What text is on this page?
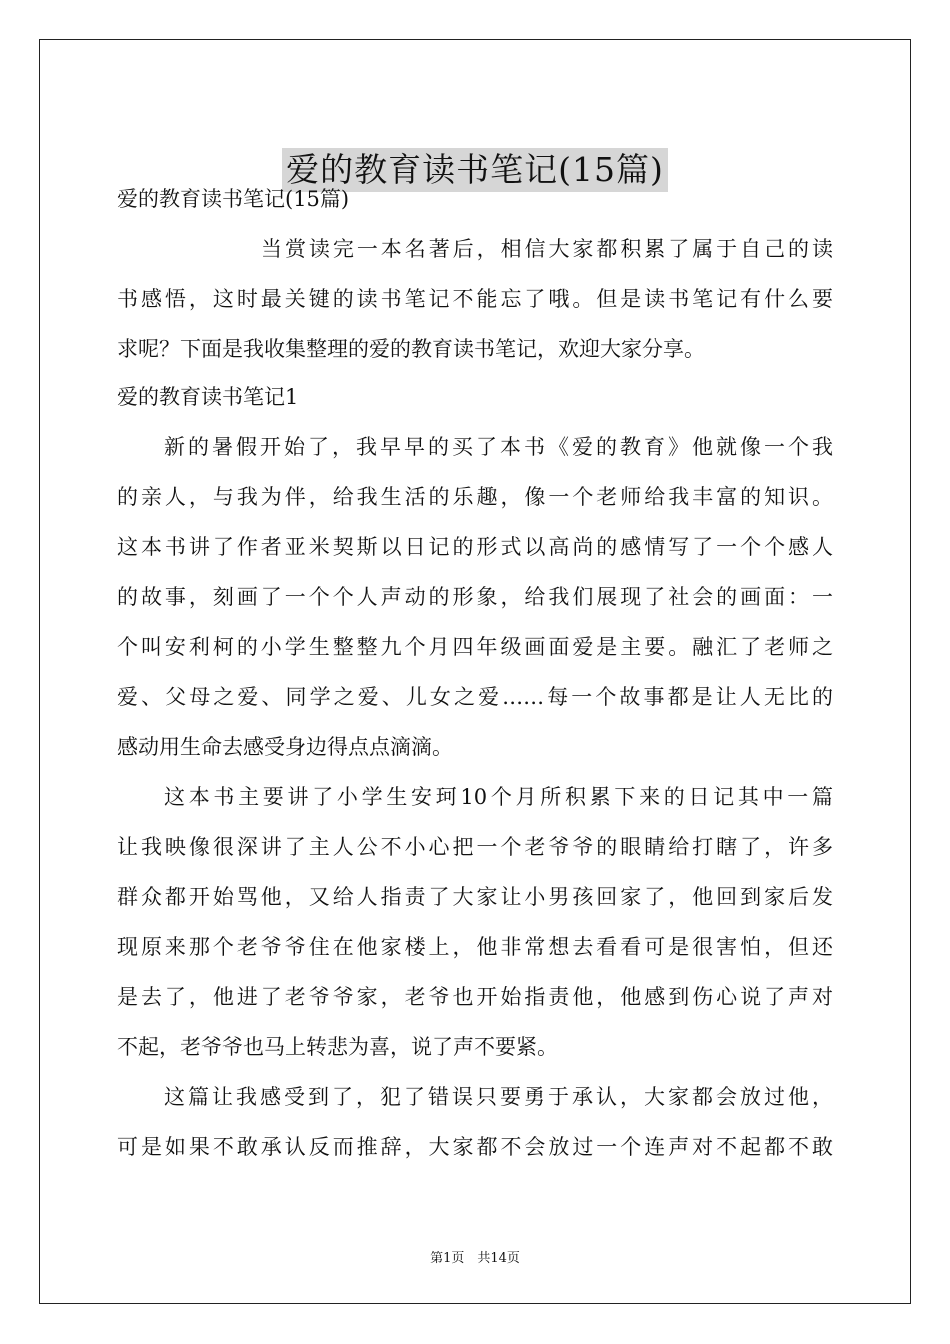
爱的教育读书笔记(15篇)

爱的教育读书笔记(15篇)

当赏读完一本名著后，相信大家都积累了属于自己的读

书感悟，这时最关键的读书笔记不能忘了哦。但是读书笔记有什么要

求呢？下面是我收集整理的爱的教育读书笔记，欢迎大家分享。

爱的教育读书笔记1

新的暑假开始了，我早早的买了本书《爱的教育》他就像一个我

的亲人，与我为伴，给我生活的乐趣，像一个老师给我丰富的知识。

这本书讲了作者亚米契斯以日记的形式以高尚的感情写了一个个感人

的故事，刻画了一个个人声动的形象，给我们展现了社会的画面：一

个叫安利柯的小学生整整九个月四年级画面爱是主要。融汇了老师之

爱、父母之爱、同学之爱、儿女之爱……每一个故事都是让人无比的

感动用生命去感受身边得点点滴滴。

这本书主要讲了小学生安珂10个月所积累下来的日记其中一篇

让我映像很深讲了主人公不小心把一个老爷爷的眼睛给打瞎了，许多

群众都开始骂他，又给人指责了大家让小男孩回家了，他回到家后发

现原来那个老爷爷住在他家楼上，他非常想去看看可是很害怕，但还

是去了，他进了老爷爷家，老爷也开始指责他，他感到伤心说了声对

不起，老爷爷也马上转悲为喜，说了声不要紧。

这篇让我感受到了，犯了错误只要勇于承认，大家都会放过他，

可是如果不敢承认反而推辞，大家都不会放过一个连声对不起都不敢

第1页　共14页
